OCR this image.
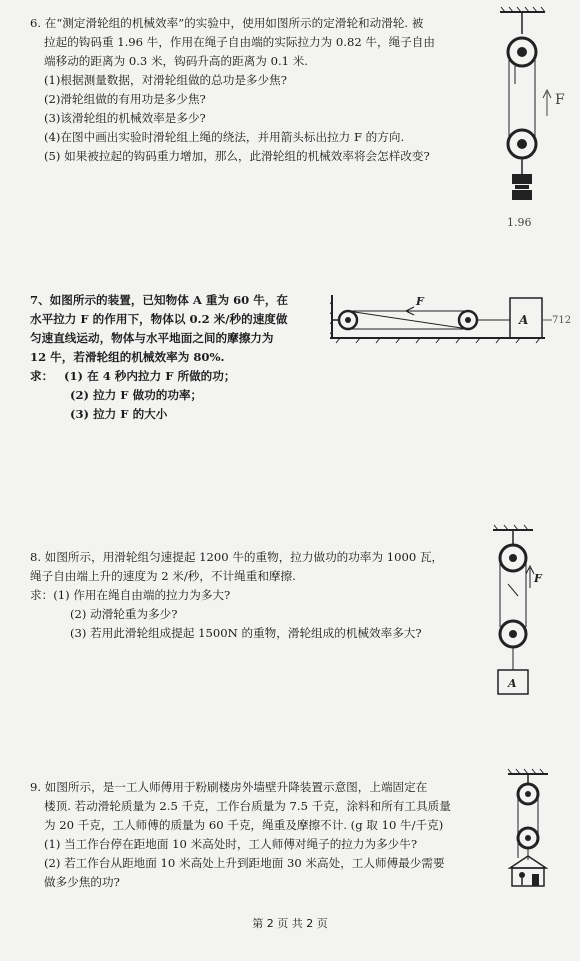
6. 在“测定滑轮组的机械效率”的实验中，使用如图所示的定滑轮和动滑轮. 被
拉起的钩码重 1.96 牛，作用在绳子自由端的实际拉力为 0.82 牛，绳子自由
端移动的距离为 0.3 米，钩码升高的距离为 0.1 米.
(1)根据测量数据，对滑轮组做的总功是多少焦?
(2)滑轮组做的有用功是多少焦?
(3)该滑轮组的机械效率是多少?
(4)在图中画出实验时滑轮组上绳的绕法，并用箭头标出拉力 F 的方向.
(5) 如果被拉起的钩码重力增加，那么，此滑轮组的机械效率将会怎样改变?
F
1.96
7、如图所示的装置，已知物体 A 重为 60 牛，在
水平拉力 F 的作用下，物体以 0.2 米/秒的速度做
匀速直线运动，物体与水平地面之间的摩擦力为
12 牛，若滑轮组的机械效率为 80%.
求： (1) 在 4 秒内拉力 F 所做的功；
(2) 拉力 F 做功的功率；
(3) 拉力 F 的大小
F
A 712
8. 如图所示，用滑轮组匀速提起 1200 牛的重物，拉力做功的功率为 1000 瓦，
绳子自由端上升的速度为 2 米/秒，不计绳重和摩擦.
求：(1) 作用在绳自由端的拉力为多大?
(2) 动滑轮重为多少?
(3) 若用此滑轮组成提起 1500N 的重物，滑轮组成的机械效率多大?
F
A
9. 如图所示，是一工人师傅用于粉刷楼房外墙壁升降装置示意图，上端固定在
楼顶. 若动滑轮质量为 2.5 千克，工作台质量为 7.5 千克，涂料和所有工具质量
为 20 千克，工人师傅的质量为 60 千克，绳重及摩擦不计. (g 取 10 牛/千克)
(1) 当工作台停在距地面 10 米高处时，工人师傅对绳子的拉力为多少牛?
(2) 若工作台从距地面 10 米高处上升到距地面 30 米高处，工人师傅最少需要
做多少焦的功?
第 2 页 共 2 页
